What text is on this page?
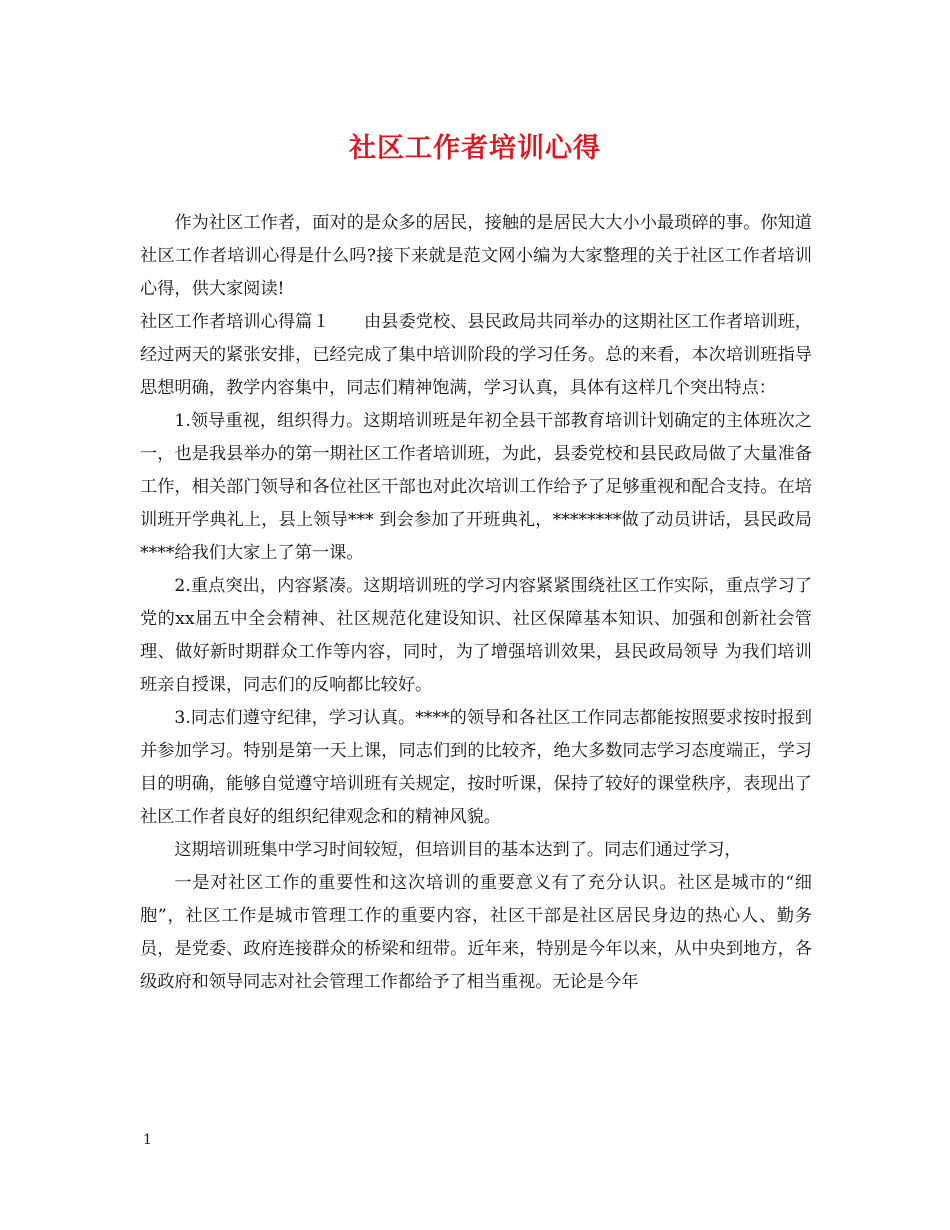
社区工作者培训心得

作为社区工作者，面对的是众多的居民，接触的是居民大大小小最琐碎的事。你知道社区工作者培训心得是什么吗?接下来就是范文网小编为大家整理的关于社区工作者培训心得，供大家阅读!

社区工作者培训心得篇１　　由县委党校、县民政局共同举办的这期社区工作者培训班，经过两天的紧张安排，已经完成了集中培训阶段的学习任务。总的来看，本次培训班指导思想明确，教学内容集中，同志们精神饱满，学习认真，具体有这样几个突出特点：

1.领导重视，组织得力。这期培训班是年初全县干部教育培训计划确定的主体班次之一，也是我县举办的第一期社区工作者培训班，为此，县委党校和县民政局做了大量准备工作，相关部门领导和各位社区干部也对此次培训工作给予了足够重视和配合支持。在培训班开学典礼上，县上领导*** 到会参加了开班典礼，********做了动员讲话，县民政局****给我们大家上了第一课。

2.重点突出，内容紧凑。这期培训班的学习内容紧紧围绕社区工作实际，重点学习了党的xx届五中全会精神、社区规范化建设知识、社区保障基本知识、加强和创新社会管理、做好新时期群众工作等内容，同时，为了增强培训效果，县民政局领导 为我们培训班亲自授课，同志们的反响都比较好。

3.同志们遵守纪律，学习认真。****的领导和各社区工作同志都能按照要求按时报到并参加学习。特别是第一天上课，同志们到的比较齐，绝大多数同志学习态度端正，学习目的明确，能够自觉遵守培训班有关规定，按时听课，保持了较好的课堂秩序，表现出了社区工作者良好的组织纪律观念和的精神风貌。

这期培训班集中学习时间较短，但培训目的基本达到了。同志们通过学习，

一是对社区工作的重要性和这次培训的重要意义有了充分认识。社区是城市的“细胞”，社区工作是城市管理工作的重要内容，社区干部是社区居民身边的热心人、勤务员，是党委、政府连接群众的桥梁和纽带。近年来，特别是今年以来，从中央到地方，各级政府和领导同志对社会管理工作都给予了相当重视。无论是今年

1
